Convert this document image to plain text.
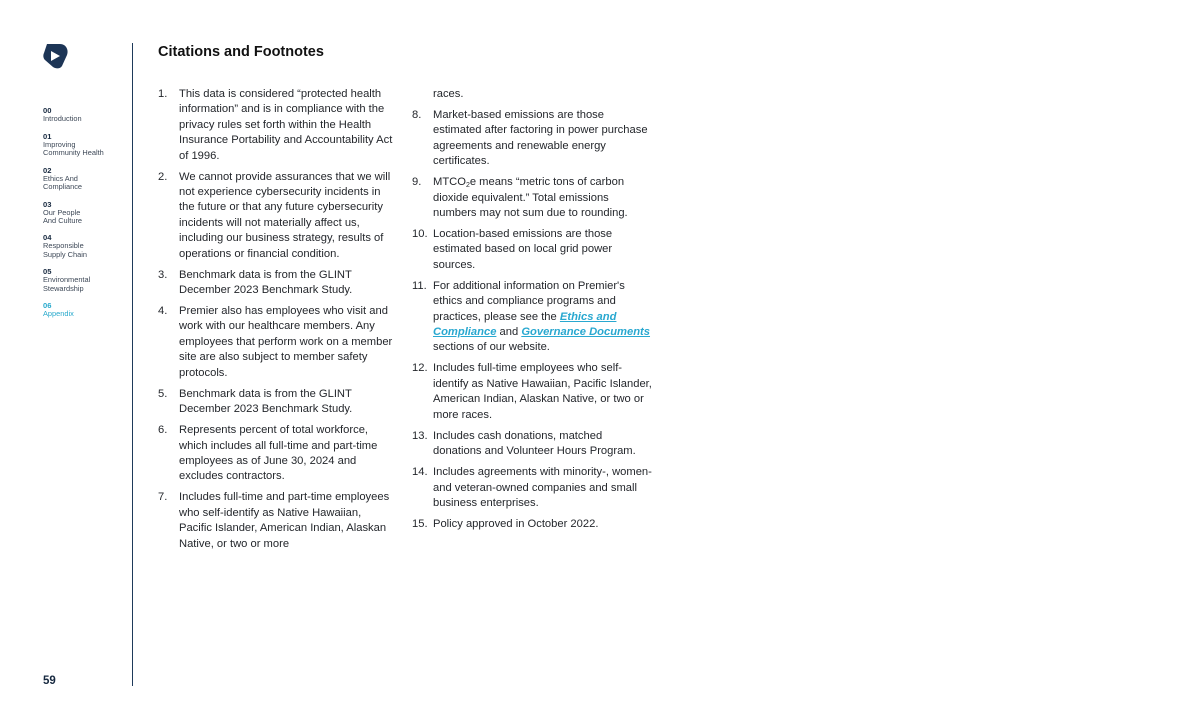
00
Introduction
01
Improving
Community Health
02
Ethics And
Compliance
03
Our People
And Culture
04
Responsible
Supply Chain
05
Environmental
Stewardship
06
Appendix
59
Citations and Footnotes
1. This data is considered “protected health information” and is in compliance with the privacy rules set forth within the Health Insurance Portability and Accountability Act of 1996.
2. We cannot provide assurances that we will not experience cybersecurity incidents in the future or that any future cybersecurity incidents will not materially affect us, including our business strategy, results of operations or financial condition.
3. Benchmark data is from the GLINT December 2023 Benchmark Study.
4. Premier also has employees who visit and work with our healthcare members. Any employees that perform work on a member site are also subject to member safety protocols.
5. Benchmark data is from the GLINT December 2023 Benchmark Study.
6. Represents percent of total workforce, which includes all full-time and part-time employees as of June 30, 2024 and excludes contractors.
7. Includes full-time and part-time employees who self-identify as Native Hawaiian, Pacific Islander, American Indian, Alaskan Native, or two or more
races.
8. Market-based emissions are those estimated after factoring in power purchase agreements and renewable energy certificates.
9. $MTCO_2e$ means “metric tons of carbon dioxide equivalent.” Total emissions numbers may not sum due to rounding.
10. Location-based emissions are those estimated based on local grid power sources.
11. For additional information on Premier's ethics and compliance programs and practices, please see the Ethics and Compliance and Governance Documents sections of our website.
12. Includes full-time employees who self-identify as Native Hawaiian, Pacific Islander, American Indian, Alaskan Native, or two or more races.
13. Includes cash donations, matched donations and Volunteer Hours Program.
14. Includes agreements with minority-, women- and veteran-owned companies and small business enterprises.
15. Policy approved in October 2022.
